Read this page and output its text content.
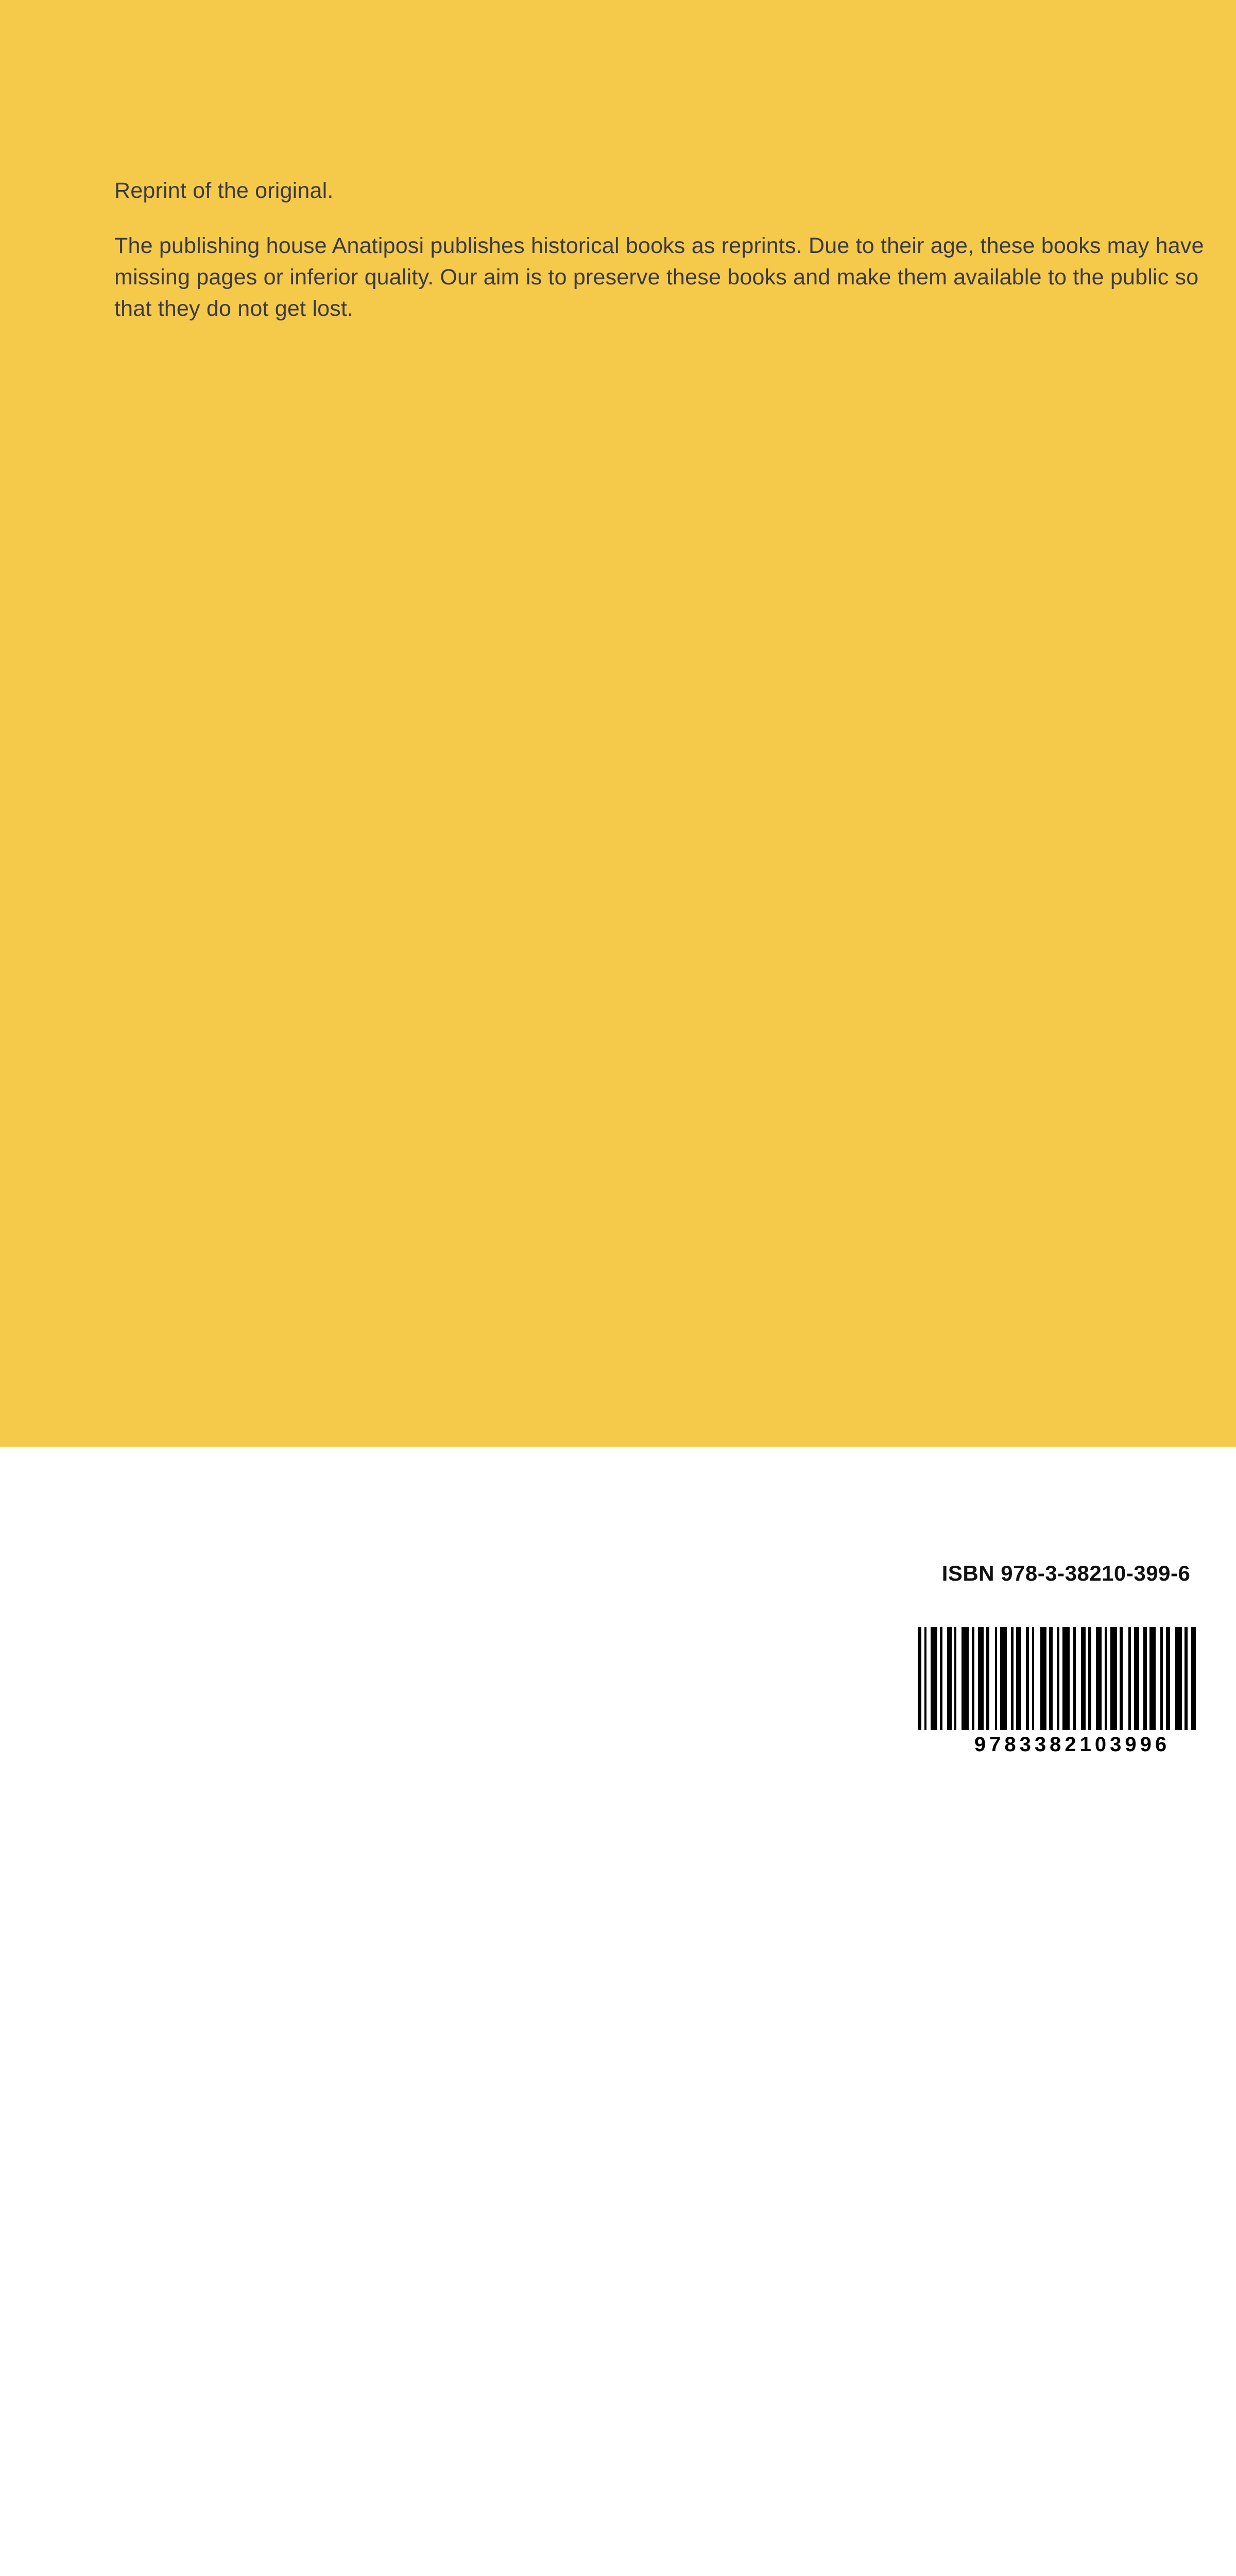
Reprint of the original.

The publishing house Anatiposi publishes historical books as reprints. Due to their age, these books may have missing pages or inferior quality. Our aim is to preserve these books and make them available to the public so that they do not get lost.

ISBN 978-3-38210-399-6
9783382103996
